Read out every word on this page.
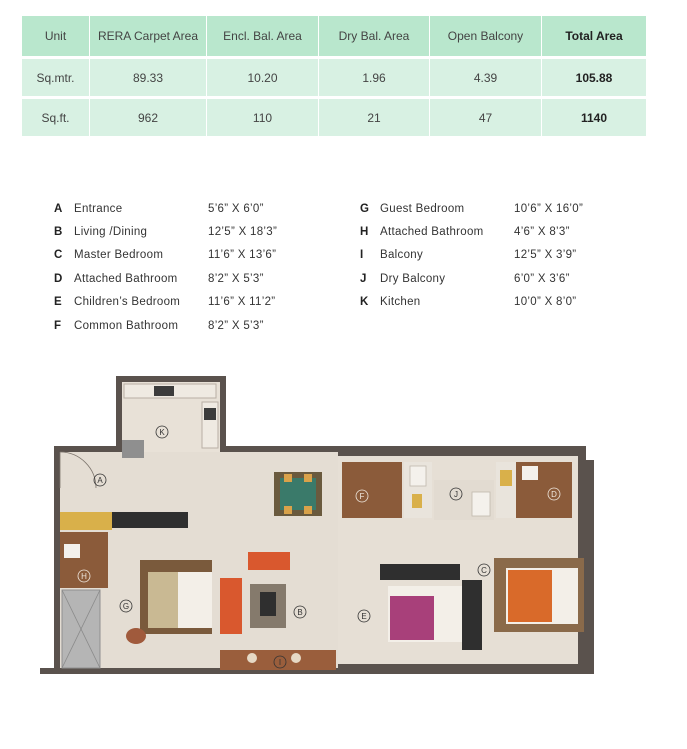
Unit	RERA Carpet Area	Encl. Bal. Area	Dry Bal. Area	Open Balcony	Total Area
Sq.mtr.	89.33	10.20	1.96	4.39	105.88
Sq.ft.	962	110	21	47	1140
A	Entrance	5’6” X 6’0”
B	Living /Dining	12’5” X 18’3”
C	Master Bedroom	11’6” X 13’6”
D	Attached Bathroom	8’2” X 5’3”
E	Children’s Bedroom	11’6” X 11’2”
F	Common Bathroom	8’2” X 5’3”
G Guest Bedroom	10’6” X 16’0”
H	Attached Bathroom	4’6” X 8’3”
I	Balcony	12’5” X 3’9”
J	Dry Balcony	6’0” X 3’6”
K	Kitchen	10’0” X 8’0”
K
A
F	J	D
H
G
B	E
C
I
